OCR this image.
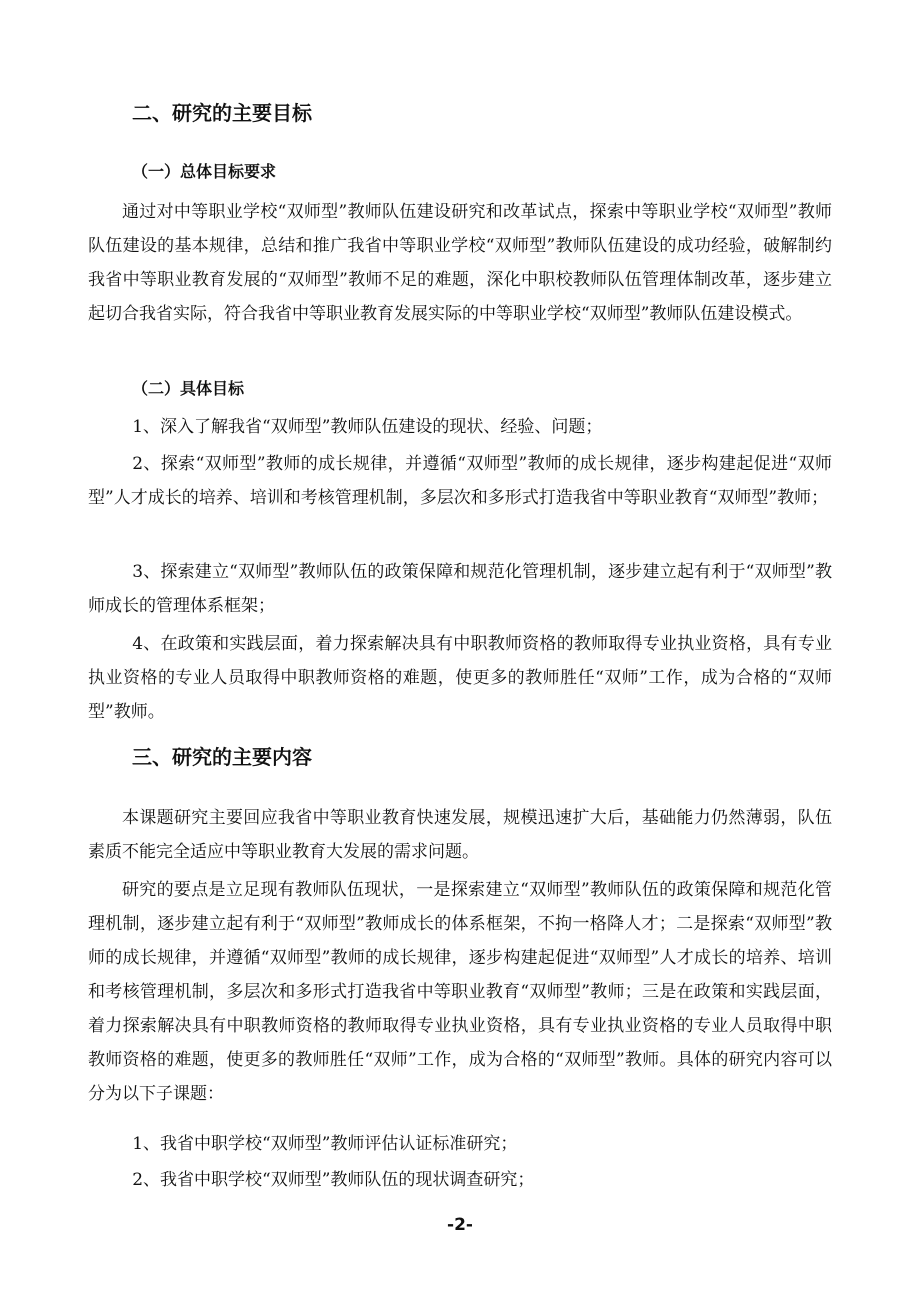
二、研究的主要目标
（一）总体目标要求

通过对中等职业学校“双师型”教师队伍建设研究和改革试点，探索中等职业学校“双师型”教师队伍建设的基本规律，总结和推广我省中等职业学校“双师型”教师队伍建设的成功经验，破解制约我省中等职业教育发展的“双师型”教师不足的难题，深化中职校教师队伍管理体制改革，逐步建立起切合我省实际，符合我省中等职业教育发展实际的中等职业学校“双师型”教师队伍建设模式。

（二）具体目标

1、深入了解我省“双师型”教师队伍建设的现状、经验、问题；

2、探索“双师型”教师的成长规律，并遵循“双师型”教师的成长规律，逐步构建起促进“双师型”人才成长的培养、培训和考核管理机制，多层次和多形式打造我省中等职业教育“双师型”教师；

3、探索建立“双师型”教师队伍的政策保障和规范化管理机制，逐步建立起有利于“双师型”教师成长的管理体系框架；

4、在政策和实践层面，着力探索解决具有中职教师资格的教师取得专业执业资格，具有专业执业资格的专业人员取得中职教师资格的难题，使更多的教师胜任“双师”工作，成为合格的“双师型”教师。

三、研究的主要内容

本课题研究主要回应我省中等职业教育快速发展，规模迅速扩大后，基础能力仍然薄弱，队伍素质不能完全适应中等职业教育大发展的需求问题。

研究的要点是立足现有教师队伍现状，一是探索建立“双师型”教师队伍的政策保障和规范化管理机制，逐步建立起有利于“双师型”教师成长的体系框架，不拘一格降人才；二是探索“双师型”教师的成长规律，并遵循“双师型”教师的成长规律，逐步构建起促进“双师型”人才成长的培养、培训和考核管理机制，多层次和多形式打造我省中等职业教育“双师型”教师；三是在政策和实践层面，着力探索解决具有中职教师资格的教师取得专业执业资格，具有专业执业资格的专业人员取得中职教师资格的难题，使更多的教师胜任“双师”工作，成为合格的“双师型”教师。具体的研究内容可以分为以下子课题：

1、我省中职学校“双师型”教师评估认证标准研究；

2、我省中职学校“双师型”教师队伍的现状调查研究；

-2-
